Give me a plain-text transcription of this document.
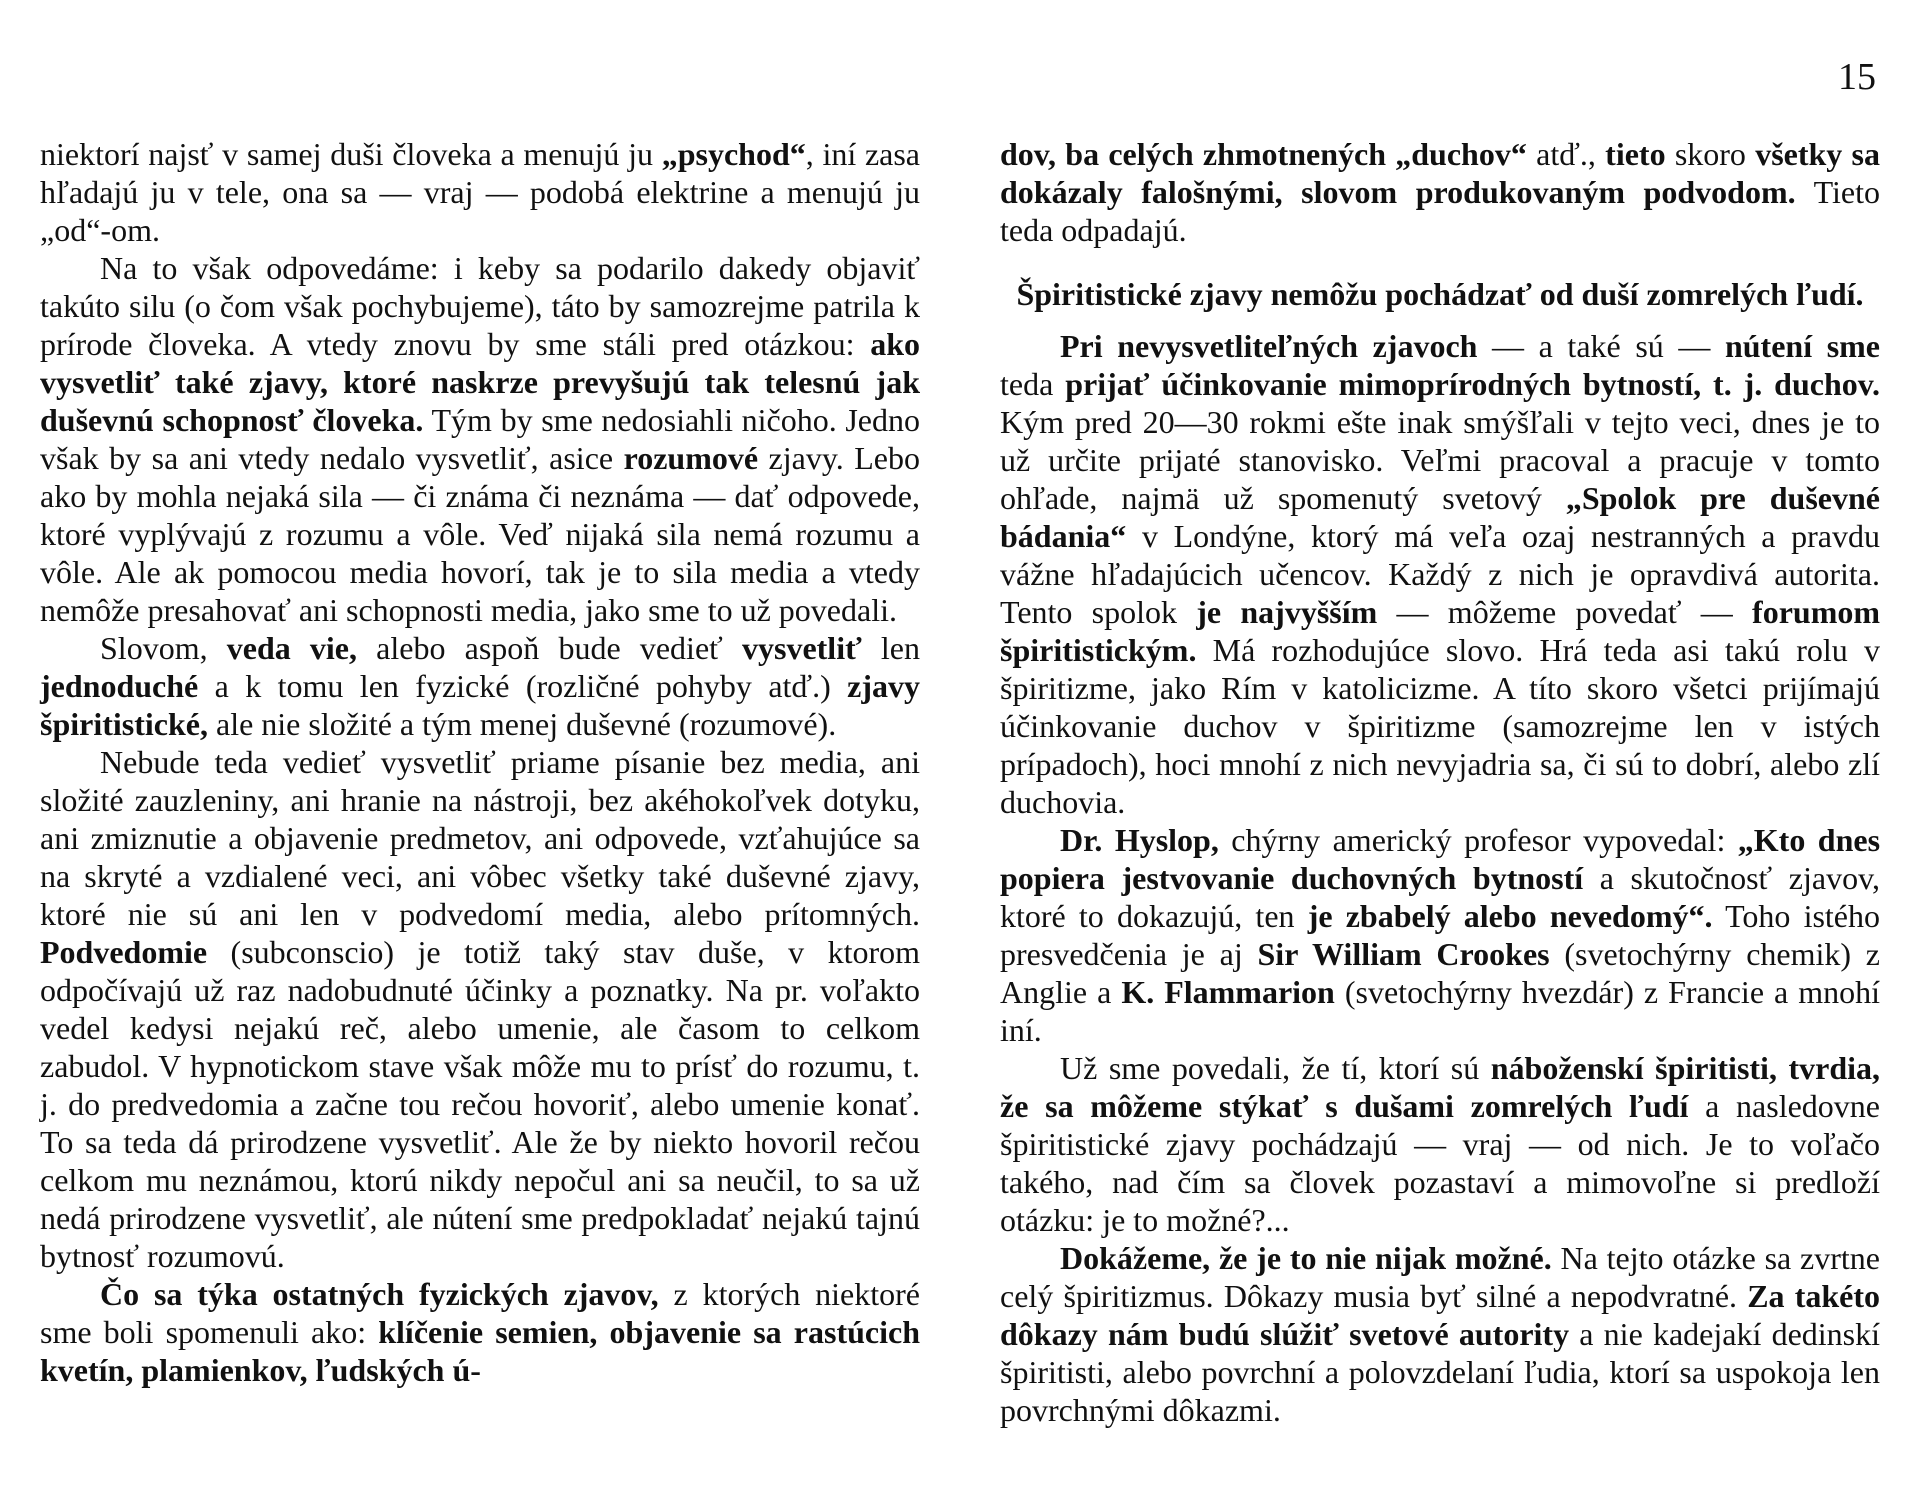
15

niektorí najsť v samej duši človeka a menujú ju „psychod“, iní zasa hľadajú ju v tele, ona sa — vraj — podobá elektrine a menujú ju „od“-om.

Na to však odpovedáme: i keby sa podarilo dakedy objaviť takúto silu (o čom však pochybujeme), táto by samozrejme patrila k prírode človeka. A vtedy znovu by sme stáli pred otázkou: ako vysvetliť také zjavy, ktoré naskrze prevyšujú tak telesnú jak duševnú schopnosť človeka. Tým by sme nedosiahli ničoho. Jedno však by sa ani vtedy nedalo vysvetliť, asice rozumové zjavy. Lebo ako by mohla nejaká sila — či známa či neznáma — dať odpovede, ktoré vyplývajú z rozumu a vôle. Veď nijaká sila nemá rozumu a vôle. Ale ak pomocou media hovorí, tak je to sila media a vtedy nemôže presahovať ani schopnosti media, jako sme to už povedali.

Slovom, veda vie, alebo aspoň bude vedieť vysvetliť len jednoduché a k tomu len fyzické (rozličné pohyby atď.) zjavy špiritistické, ale nie složité a tým menej duševné (rozumové).

Nebude teda vedieť vysvetliť priame písanie bez media, ani složité zauzleniny, ani hranie na nástroji, bez akéhokoľvek dotyku, ani zmiznutie a objavenie predmetov, ani odpovede, vzťahujúce sa na skryté a vzdialené veci, ani vôbec všetky také duševné zjavy, ktoré nie sú ani len v podvedomí media, alebo prítomných. Podvedomie (subconscio) je totiž taký stav duše, v ktorom odpočívajú už raz nadobudnuté účinky a poznatky. Na pr. voľakto vedel kedysi nejakú reč, alebo umenie, ale časom to celkom zabudol. V hypnotickom stave však môže mu to prísť do rozumu, t. j. do predvedomia a začne tou rečou hovoriť, alebo umenie konať. To sa teda dá prirodzene vysvetliť. Ale že by niekto hovoril rečou celkom mu neznámou, ktorú nikdy nepočul ani sa neučil, to sa už nedá prirodzene vysvetliť, ale nútení sme predpokladať nejakú tajnú bytnosť rozumovú.

Čo sa týka ostatných fyzických zjavov, z ktorých niektoré sme boli spomenuli ako: klíčenie semien, objavenie sa rastúcich kvetín, plamienkov, ľudských ú-

dov, ba celých zhmotnených „duchov“ atď., tieto skoro všetky sa dokázaly falošnými, slovom produkovaným podvodom. Tieto teda odpadajú.

Špiritistické zjavy nemôžu pochádzať od duší zomrelých ľudí.

Pri nevysvetliteľných zjavoch — a také sú — nútení sme teda prijať účinkovanie mimoprírodných bytností, t. j. duchov. Kým pred 20—30 rokmi ešte inak smýšľali v tejto veci, dnes je to už určite prijaté stanovisko. Veľmi pracoval a pracuje v tomto ohľade, najmä už spomenutý svetový „Spolok pre duševné bádania“ v Londýne, ktorý má veľa ozaj nestranných a pravdu vážne hľadajúcich učencov. Každý z nich je opravdivá autorita. Tento spolok je najvyšším — môžeme povedať — forumom špiritistickým. Má rozhodujúce slovo. Hrá teda asi takú rolu v špiritizme, jako Rím v katolicizme. A títo skoro všetci prijímajú účinkovanie duchov v špiritizme (samozrejme len v istých prípadoch), hoci mnohí z nich nevyjadria sa, či sú to dobrí, alebo zlí duchovia.

Dr. Hyslop, chýrny americký profesor vypovedal: „Kto dnes popiera jestvovanie duchovných bytností a skutočnosť zjavov, ktoré to dokazujú, ten je zbabelý alebo nevedomý“. Toho istého presvedčenia je aj Sir William Crookes (svetochýrny chemik) z Anglie a K. Flammarion (svetochýrny hvezdár) z Francie a mnohí iní.

Už sme povedali, že tí, ktorí sú náboženskí špiritisti, tvrdia, že sa môžeme stýkať s dušami zomrelých ľudí a nasledovne špiritistické zjavy pochádzajú — vraj — od nich. Je to voľačo takého, nad čím sa človek pozastaví a mimovoľne si predloží otázku: je to možné?...

Dokážeme, že je to nie nijak možné. Na tejto otázke sa zvrtne celý špiritizmus. Dôkazy musia byť silné a nepodvratné. Za takéto dôkazy nám budú slúžiť svetové autority a nie kadejakí dedinskí špiritisti, alebo povrchní a polovzdelaní ľudia, ktorí sa uspokoja len povrchnými dôkazmi.
